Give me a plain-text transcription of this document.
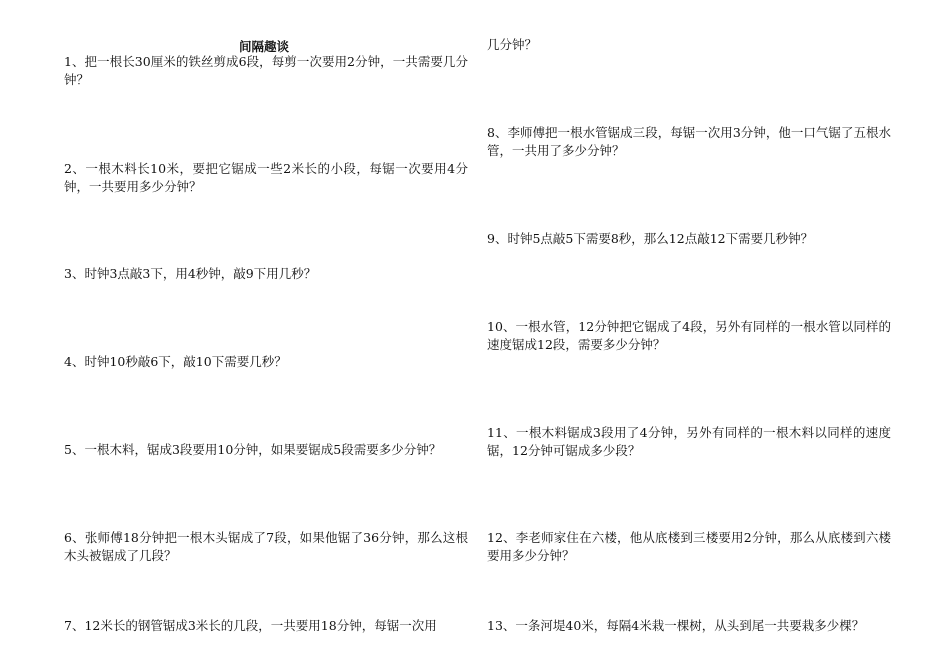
间隔趣谈
1、把一根长30厘米的铁丝剪成6段，每剪一次要用2分钟，一共需要几分钟？
2、一根木料长10米，要把它锯成一些2米长的小段，每锯一次要用4分钟，一共要用多少分钟？
3、时钟3点敲3下，用4秒钟，敲9下用几秒？
4、时钟10秒敲6下，敲10下需要几秒？
5、一根木料，锯成3段要用10分钟，如果要锯成5段需要多少分钟？
6、张师傅18分钟把一根木头锯成了7段，如果他锯了36分钟，那么这根木头被锯成了几段？
7、12米长的钢管锯成3米长的几段，一共要用18分钟，每锯一次用
几分钟？
8、李师傅把一根水管锯成三段，每锯一次用3分钟，他一口气锯了五根水管，一共用了多少分钟？
9、时钟5点敲5下需要8秒，那么12点敲12下需要几秒钟？
10、一根水管，12分钟把它锯成了4段，另外有同样的一根水管以同样的速度锯成12段，需要多少分钟？
11、一根木料锯成3段用了4分钟，另外有同样的一根木料以同样的速度锯，12分钟可锯成多少段？
12、李老师家住在六楼，他从底楼到三楼要用2分钟，那么从底楼到六楼要用多少分钟？
13、一条河堤40米，每隔4米栽一棵树，从头到尾一共要栽多少棵？
